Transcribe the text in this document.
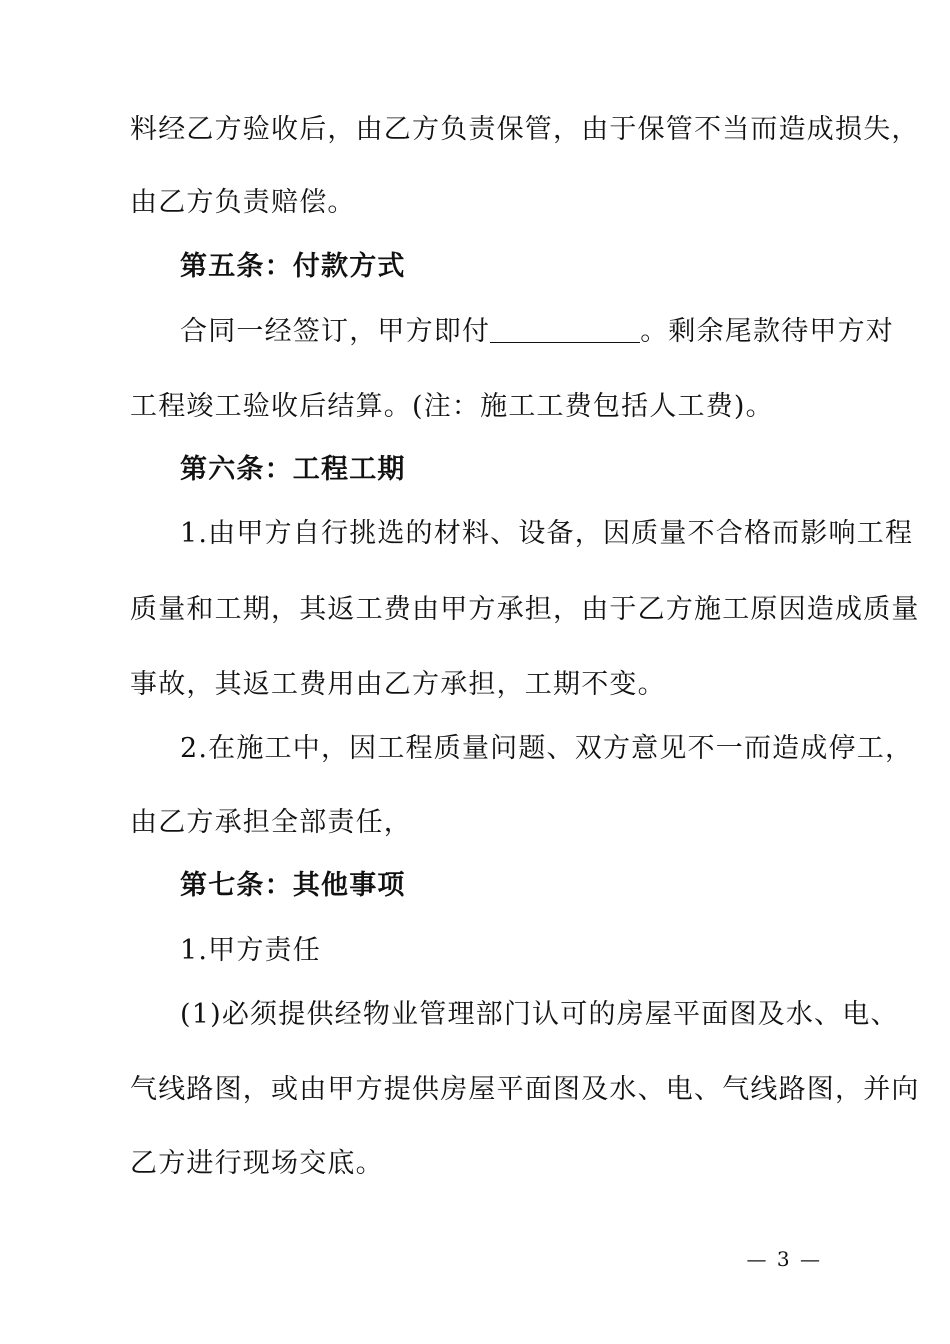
料经乙方验收后，由乙方负责保管，由于保管不当而造成损失，
由乙方负责赔偿。
第五条：付款方式
合同一经签订，甲方即付	。剩余尾款待甲方对
工程竣工验收后结算。(注：施工工费包括人工费)。
第六条：工程工期
1.由甲方自行挑选的材料、设备，因质量不合格而影响工程
质量和工期，其返工费由甲方承担，由于乙方施工原因造成质量
事故，其返工费用由乙方承担，工期不变。
2.在施工中，因工程质量问题、双方意见不一而造成停工，
由乙方承担全部责任，
第七条：其他事项
1.甲方责任
(1)必须提供经物业管理部门认可的房屋平面图及水、电、
气线路图，或由甲方提供房屋平面图及水、电、气线路图，并向
乙方进行现场交底。
— 3 —
